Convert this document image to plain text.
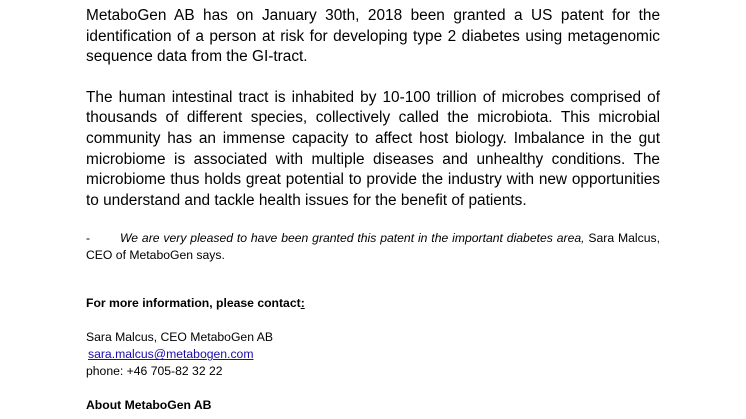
MetaboGen AB has on January 30th, 2018 been granted a US patent for the identification of a person at risk for developing type 2 diabetes using metagenomic sequence data from the GI-tract.

The human intestinal tract is inhabited by 10-100 trillion of microbes comprised of thousands of different species, collectively called the microbiota. This microbial community has an immense capacity to affect host biology. Imbalance in the gut microbiome is associated with multiple diseases and unhealthy conditions. The microbiome thus holds great potential to provide the industry with new opportunities to understand and tackle health issues for the benefit of patients.

- We are very pleased to have been granted this patent in the important diabetes area, Sara Malcus, CEO of MetaboGen says.
For more information, please contact:
Sara Malcus, CEO MetaboGen AB
sara.malcus@metabogen.com
phone: +46 705-82 32 22
About MetaboGen AB
